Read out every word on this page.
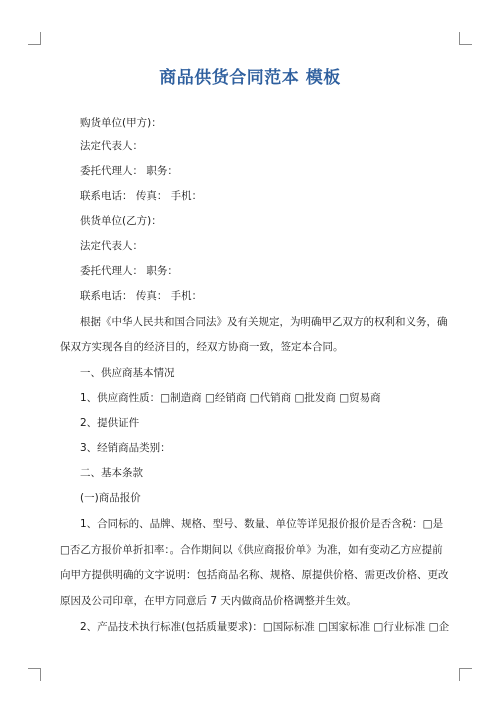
商品供货合同范本 模板
购货单位(甲方)：
法定代表人：
委托代理人： 职务：
联系电话： 传真： 手机：
供货单位(乙方)：
法定代表人：
委托代理人： 职务：
联系电话： 传真： 手机：
根据《中华人民共和国合同法》及有关规定，为明确甲乙双方的权利和义务，确
保双方实现各自的经济目的，经双方协商一致，签定本合同。
一、供应商基本情况
1、供应商性质：□制造商 □经销商 □代销商 □批发商 □贸易商
2、提供证件
3、经销商品类别：
二、基本条款
(一)商品报价
1、合同标的、品牌、规格、型号、数量、单位等详见报价报价是否含税：□是
□否乙方报价单折扣率：。合作期间以《供应商报价单》为准，如有变动乙方应提前
向甲方提供明确的文字说明：包括商品名称、规格、原提供价格、需更改价格、更改
原因及公司印章，在甲方同意后 7 天内做商品价格调整并生效。
2、产品技术执行标准(包括质量要求)：□国际标准 □国家标准 □行业标准 □企
